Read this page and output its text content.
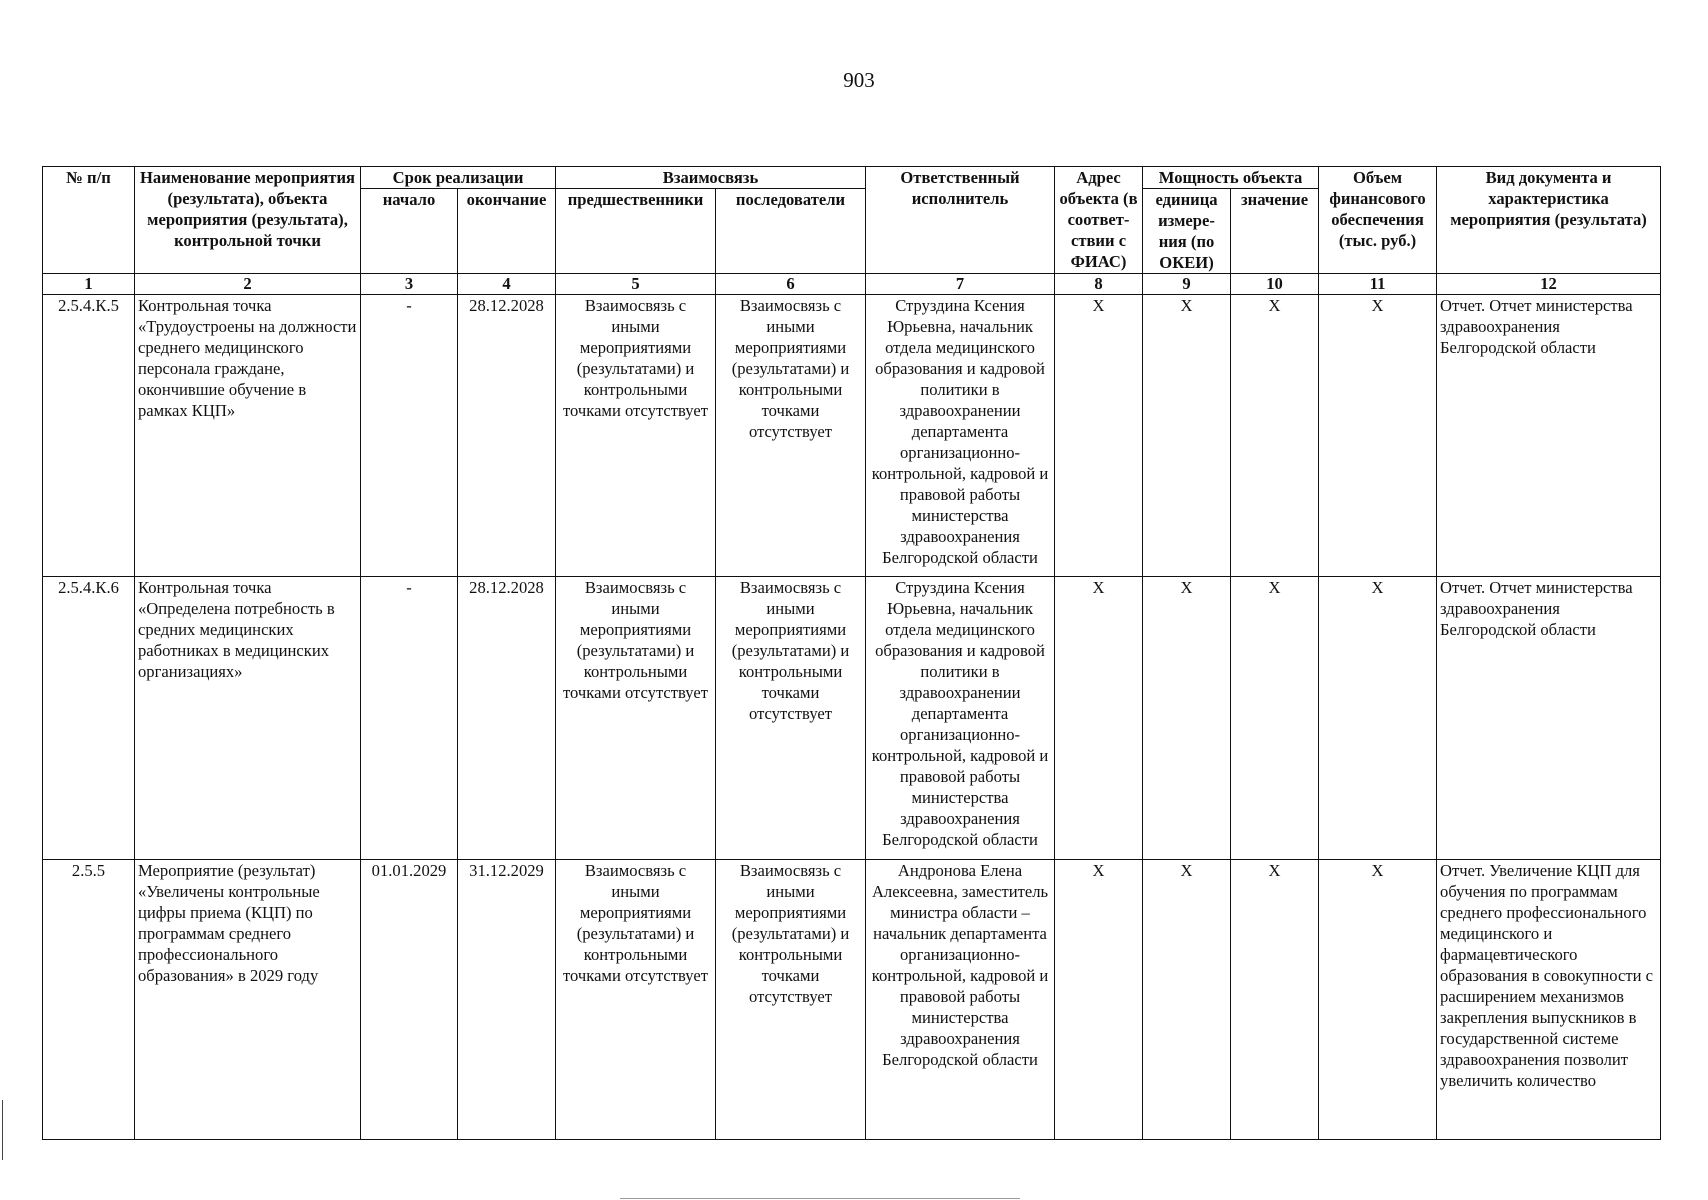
903
№ п/п	Наименование мероприятия (результата), объекта мероприятия (результата), контрольной точки	Срок реализации		Взаимосвязь		Ответственный исполнитель	Адрес объекта (в соответ- ствии с ФИАС)	Мощность объекта		Объем финансового обеспечения (тыс. руб.)	Вид документа и характеристика мероприятия (результата)
		начало	окончание	предшественники	последователи			единица измере- ния (по ОКЕИ)	значение		
1	2	3	4	5	6	7	8	9	10	11	12
2.5.4.К.5	Контрольная точка «Трудоустроены на должности среднего медицинского персонала граждане, окончившие обучение в рамках КЦП»	-	28.12.2028	Взаимосвязь с иными мероприятиями (результатами) и контрольными точками отсутствует	Взаимосвязь с иными мероприятиями (результатами) и контрольными точками отсутствует	Струздина Ксения Юрьевна, начальник отдела медицинского образования и кадровой политики в здравоохранении департамента организационно-контрольной, кадровой и правовой работы министерства здравоохранения Белгородской области	X	X	X	X	Отчет. Отчет министерства здравоохранения Белгородской области
2.5.4.К.6	Контрольная точка «Определена потребность в средних медицинских работниках в медицинских организациях»	-	28.12.2028	Взаимосвязь с иными мероприятиями (результатами) и контрольными точками отсутствует	Взаимосвязь с иными мероприятиями (результатами) и контрольными точками отсутствует	Струздина Ксения Юрьевна, начальник отдела медицинского образования и кадровой политики в здравоохранении департамента организационно-контрольной, кадровой и правовой работы министерства здравоохранения Белгородской области	X	X	X	X	Отчет. Отчет министерства здравоохранения Белгородской области
2.5.5	Мероприятие (результат) «Увеличены контрольные цифры приема (КЦП) по программам среднего профессионального образования» в 2029 году	01.01.2029	31.12.2029	Взаимосвязь с иными мероприятиями (результатами) и контрольными точками отсутствует	Взаимосвязь с иными мероприятиями (результатами) и контрольными точками отсутствует	Андронова Елена Алексеевна, заместитель министра области – начальник департамента организационно-контрольной, кадровой и правовой работы министерства здравоохранения Белгородской области	X	X	X	X	Отчет. Увеличение КЦП для обучения по программам среднего профессионального медицинского и фармацевтического образования в совокупности с расширением механизмов закрепления выпускников в государственной системе здравоохранения позволит увеличить количество
